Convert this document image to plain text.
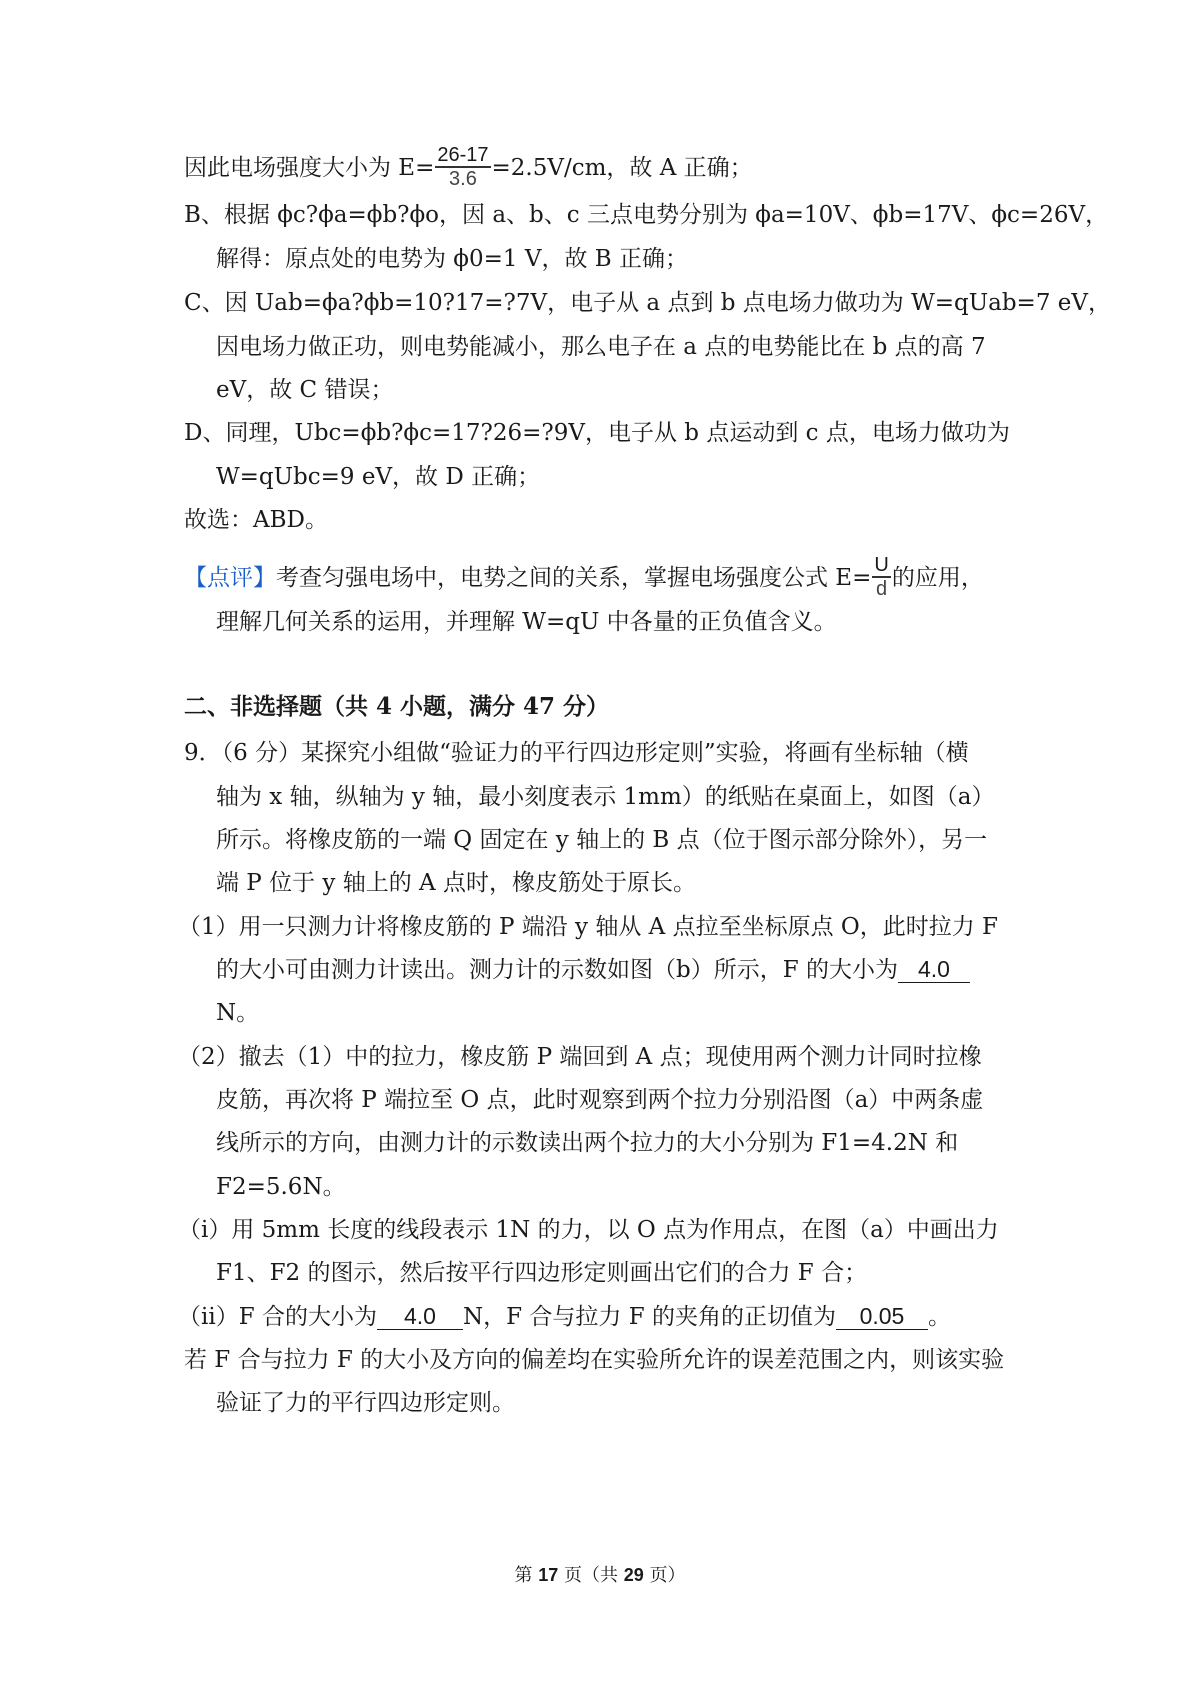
因此电场强度大小为 $E= \frac{26-17}{3.6} =2.5V/cm$，故 A 正确；
B、根据 ϕc?ϕa=ϕb?ϕo，因 a、b、c 三点电势分别为 ϕa=10V、ϕb=17V、ϕc=26V，
解得：原点处的电势为 ϕ0=1 V，故 B 正确；
C、因 Uab=ϕa?ϕb=10?17=?7V，电子从 a 点到 b 点电场力做功为 W=qUab=7 eV，
因电场力做正功，则电势能减小，那么电子在 a 点的电势能比在 b 点的高 7
eV，故 C 错误；
D、同理，Ubc=ϕb?ϕc=17?26=?9V，电子从 b 点运动到 c 点，电场力做功为
W=qUbc=9 eV，故 D 正确；
故选：ABD。
【点评】考查匀强电场中，电势之间的关系，掌握电场强度公式 $E= \frac{U}{d}$ 的应用，
理解几何关系的运用，并理解 W=qU 中各量的正负值含义。
二、非选择题（共 4 小题，满分 47 分）
9．（6 分）某探究小组做“验证力的平行四边形定则”实验，将画有坐标轴（横
轴为 x 轴，纵轴为 y 轴，最小刻度表示 1mm）的纸贴在桌面上，如图（a）
所示。将橡皮筋的一端 Q 固定在 y 轴上的 B 点（位于图示部分除外），另一
端 P 位于 y 轴上的 A 点时，橡皮筋处于原长。
（1）用一只测力计将橡皮筋的 P 端沿 y 轴从 A 点拉至坐标原点 O，此时拉力 F
的大小可由测力计读出。测力计的示数如图（b）所示，F 的大小为 4.0
N。
（2）撤去（1）中的拉力，橡皮筋 P 端回到 A 点；现使用两个测力计同时拉橡
皮筋，再次将 P 端拉至 O 点，此时观察到两个拉力分别沿图（a）中两条虚
线所示的方向，由测力计的示数读出两个拉力的大小分别为 F1=4.2N 和
F2=5.6N。
（i）用 5mm 长度的线段表示 1N 的力，以 O 点为作用点，在图（a）中画出力
F1、F2 的图示，然后按平行四边形定则画出它们的合力 F 合；
（ii）F 合的大小为 4.0 N，F 合与拉力 F 的夹角的正切值为 0.05 。
若 F 合与拉力 F 的大小及方向的偏差均在实验所允许的误差范围之内，则该实验
验证了力的平行四边形定则。
第 17 页（共 29 页）
